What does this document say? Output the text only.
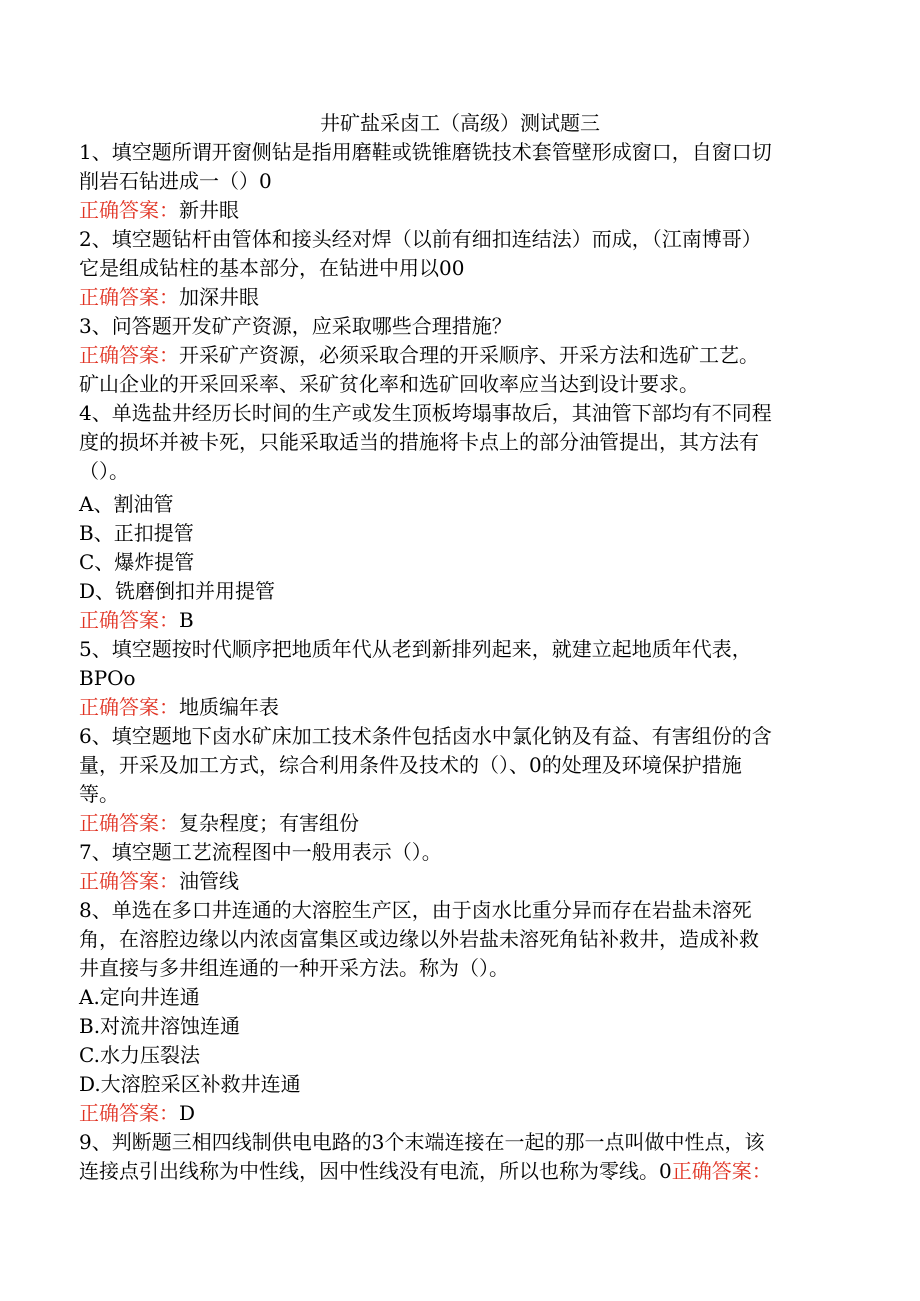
井矿盐采卤工（高级）测试题三
1、填空题所谓开窗侧钻是指用磨鞋或铣锥磨铣技术套管壁形成窗口，自窗口切
削岩石钻进成一（）0
正确答案：新井眼
2、填空题钻杆由管体和接头经对焊（以前有细扣连结法）而成，（江南博哥）
它是组成钻柱的基本部分，在钻进中用以00
正确答案：加深井眼
3、问答题开发矿产资源，应采取哪些合理措施？
正确答案：开采矿产资源，必须采取合理的开采顺序、开采方法和选矿工艺。
矿山企业的开采回采率、采矿贫化率和选矿回收率应当达到设计要求。
4、单选盐井经历长时间的生产或发生顶板垮塌事故后，其油管下部均有不同程
度的损坏并被卡死，只能采取适当的措施将卡点上的部分油管提出，其方法有
（）。
A、割油管
B、正扣提管
C、爆炸提管
D、铣磨倒扣并用提管
正确答案：B
5、填空题按时代顺序把地质年代从老到新排列起来，就建立起地质年代表，
BPOo
正确答案：地质编年表
6、填空题地下卤水矿床加工技术条件包括卤水中氯化钠及有益、有害组份的含
量，开采及加工方式，综合利用条件及技术的（）、0的处理及环境保护措施
等。
正确答案：复杂程度；有害组份
7、填空题工艺流程图中一般用表示（）。
正确答案：油管线
8、单选在多口井连通的大溶腔生产区，由于卤水比重分异而存在岩盐未溶死
角，在溶腔边缘以内浓卤富集区或边缘以外岩盐未溶死角钻补救井，造成补救
井直接与多井组连通的一种开采方法。称为（）。
A.定向井连通
B.对流井溶蚀连通
C.水力压裂法
D.大溶腔采区补救井连通
正确答案：D
9、判断题三相四线制供电电路的3个末端连接在一起的那一点叫做中性点，该
连接点引出线称为中性线，因中性线没有电流，所以也称为零线。0正确答案：
